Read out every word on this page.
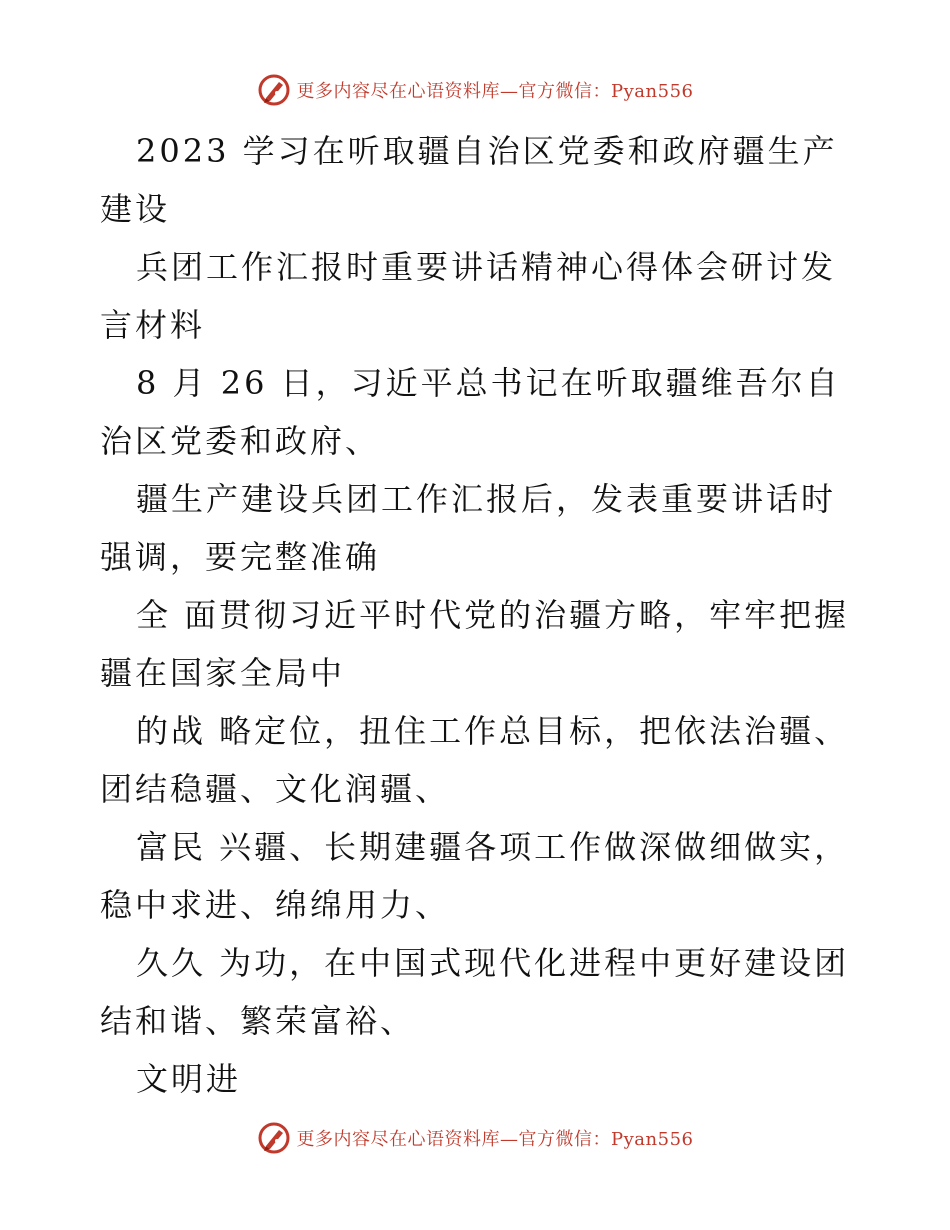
更多内容尽在心语资料库—官方微信：Pyan556

2023 学习在听取疆自治区党委和政府疆生产建设

兵团工作汇报时重要讲话精神心得体会研讨发言材料

8 月 26 日，习近平总书记在听取疆维吾尔自治区党委和政府、

疆生产建设兵团工作汇报后，发表重要讲话时强调，要完整准确

全 面贯彻习近平时代党的治疆方略，牢牢把握疆在国家全局中

的战 略定位，扭住工作总目标，把依法治疆、团结稳疆、文化润疆、

富民 兴疆、长期建疆各项工作做深做细做实，稳中求进、绵绵用力、

久久 为功，在中国式现代化进程中更好建设团结和谐、繁荣富裕、

文明进

更多内容尽在心语资料库—官方微信：Pyan556
